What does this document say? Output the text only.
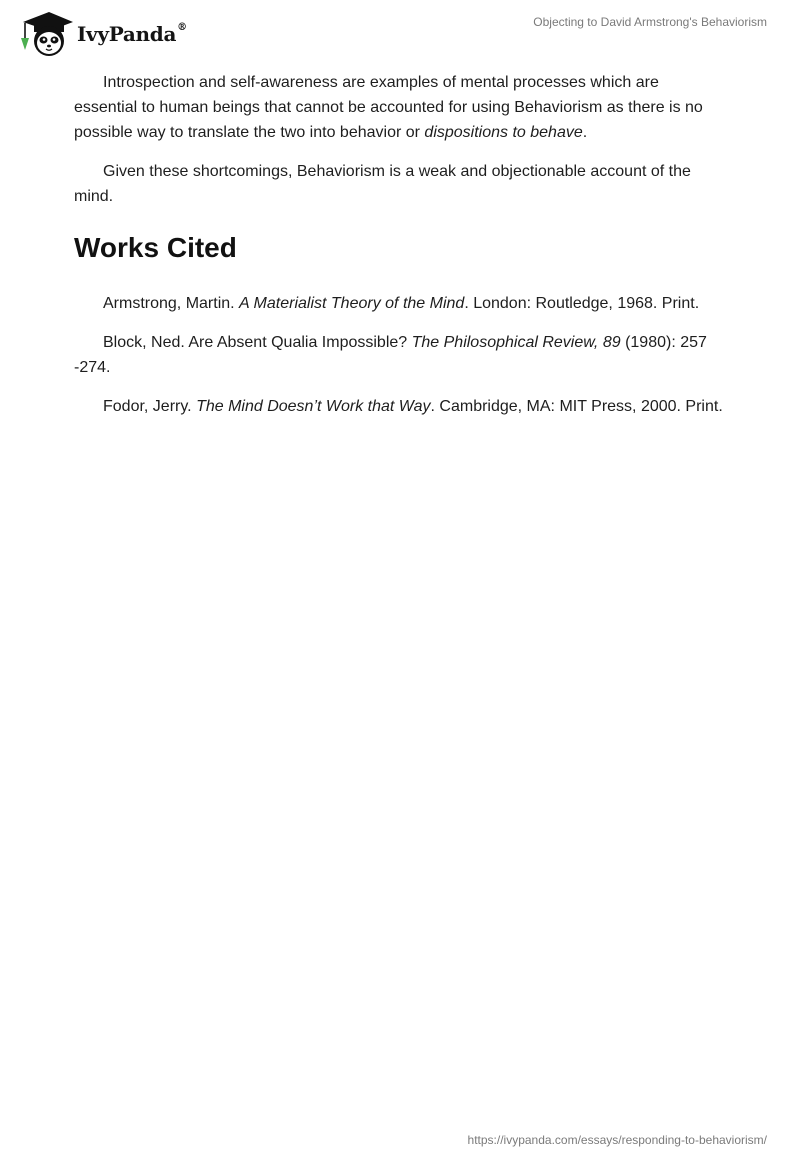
IvyPanda®	Objecting to David Armstrong's Behaviorism

Introspection and self-awareness are examples of mental processes which are essential to human beings that cannot be accounted for using Behaviorism as there is no possible way to translate the two into behavior or dispositions to behave.

Given these shortcomings, Behaviorism is a weak and objectionable account of the mind.

Works Cited

Armstrong, Martin. A Materialist Theory of the Mind. London: Routledge, 1968. Print.

Block, Ned. Are Absent Qualia Impossible? The Philosophical Review, 89 (1980): 257 -274.

Fodor, Jerry. The Mind Doesn’t Work that Way. Cambridge, MA: MIT Press, 2000. Print.

https://ivypanda.com/essays/responding-to-behaviorism/
